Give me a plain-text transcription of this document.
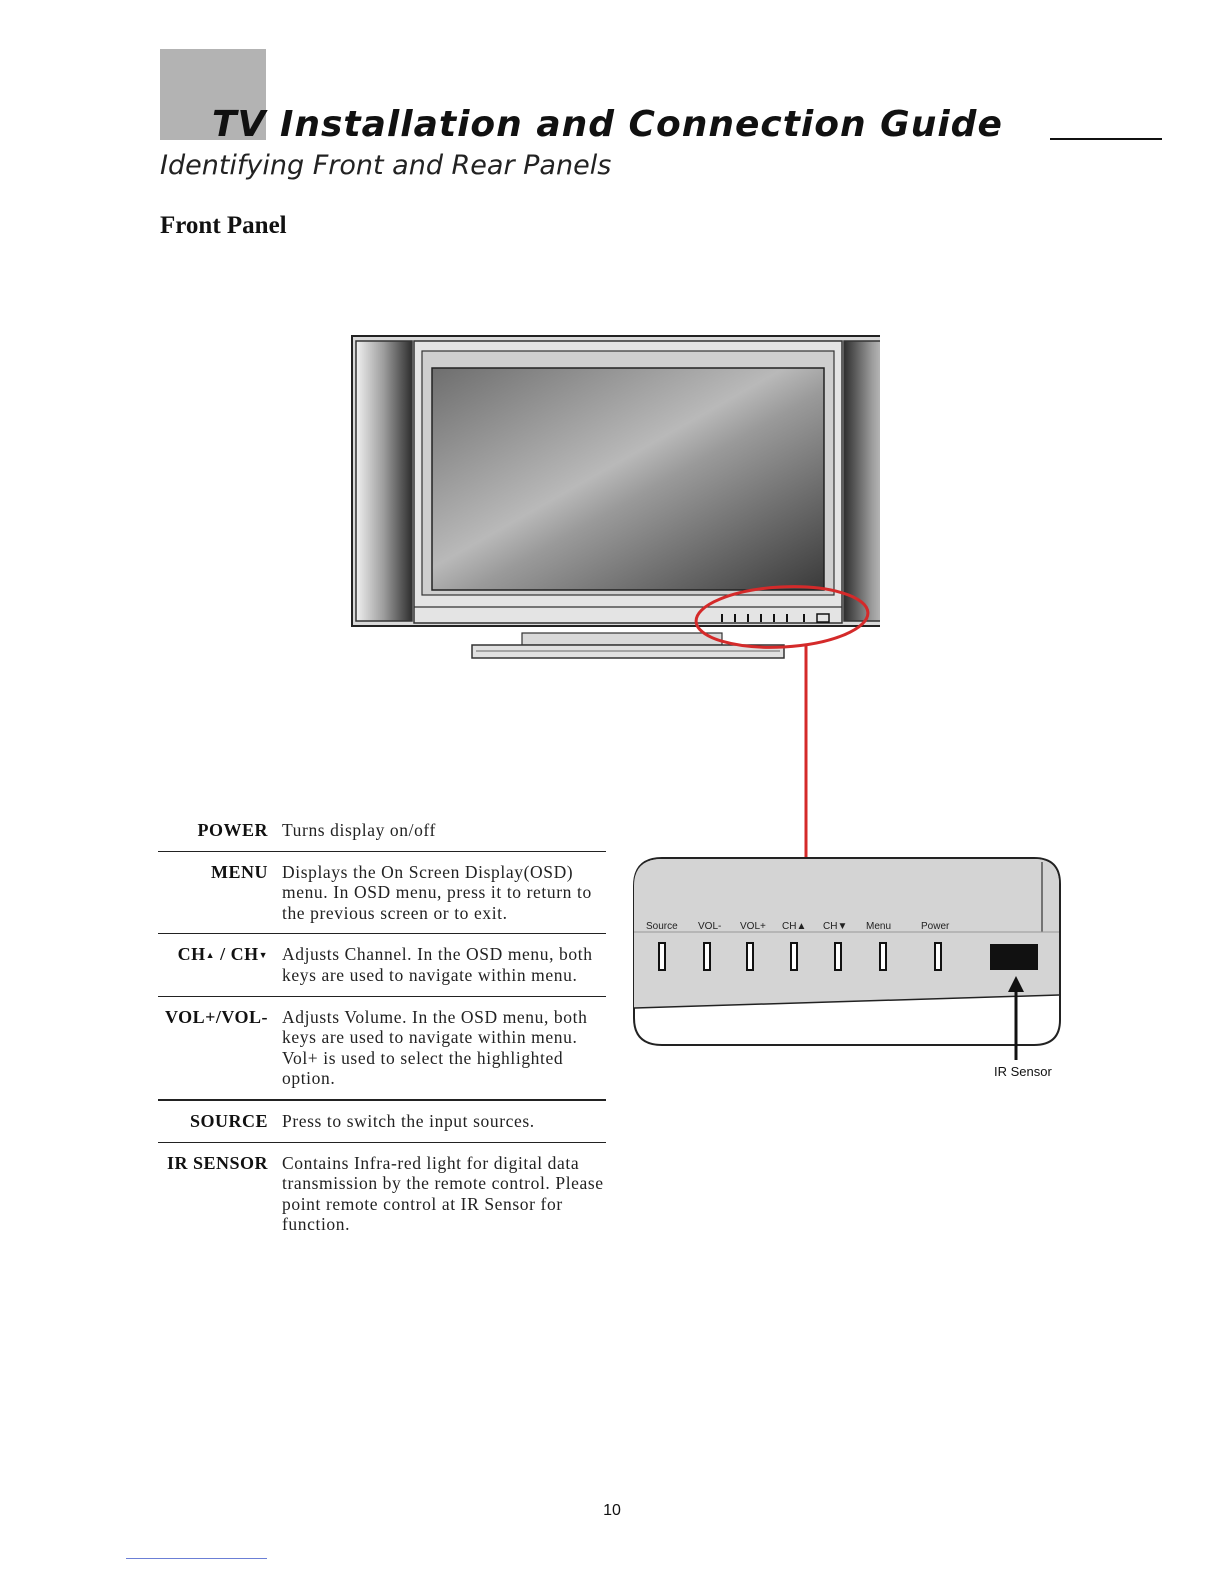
TV Installation and Connection Guide
Identifying Front and Rear Panels
Front Panel
Source VOL- VOL+ CH▲ CH▼ Menu	Power
IR Sensor
POWER Turns display on/off
MENU Displays the On Screen Display(OSD) menu. In OSD menu, press it to return to the previous screen or to exit.
CH▲ / CH▼ Adjusts Channel. In the OSD menu, both keys are used to navigate within menu.
VOL+/VOL- Adjusts Volume. In the OSD menu, both keys are used to navigate within menu. Vol+ is used to select the highlighted option.
SOURCE Press to switch the input sources.
IR SENSOR Contains Infra-red light for digital data transmission by the remote control. Please point remote control at IR Sensor for function.
10
